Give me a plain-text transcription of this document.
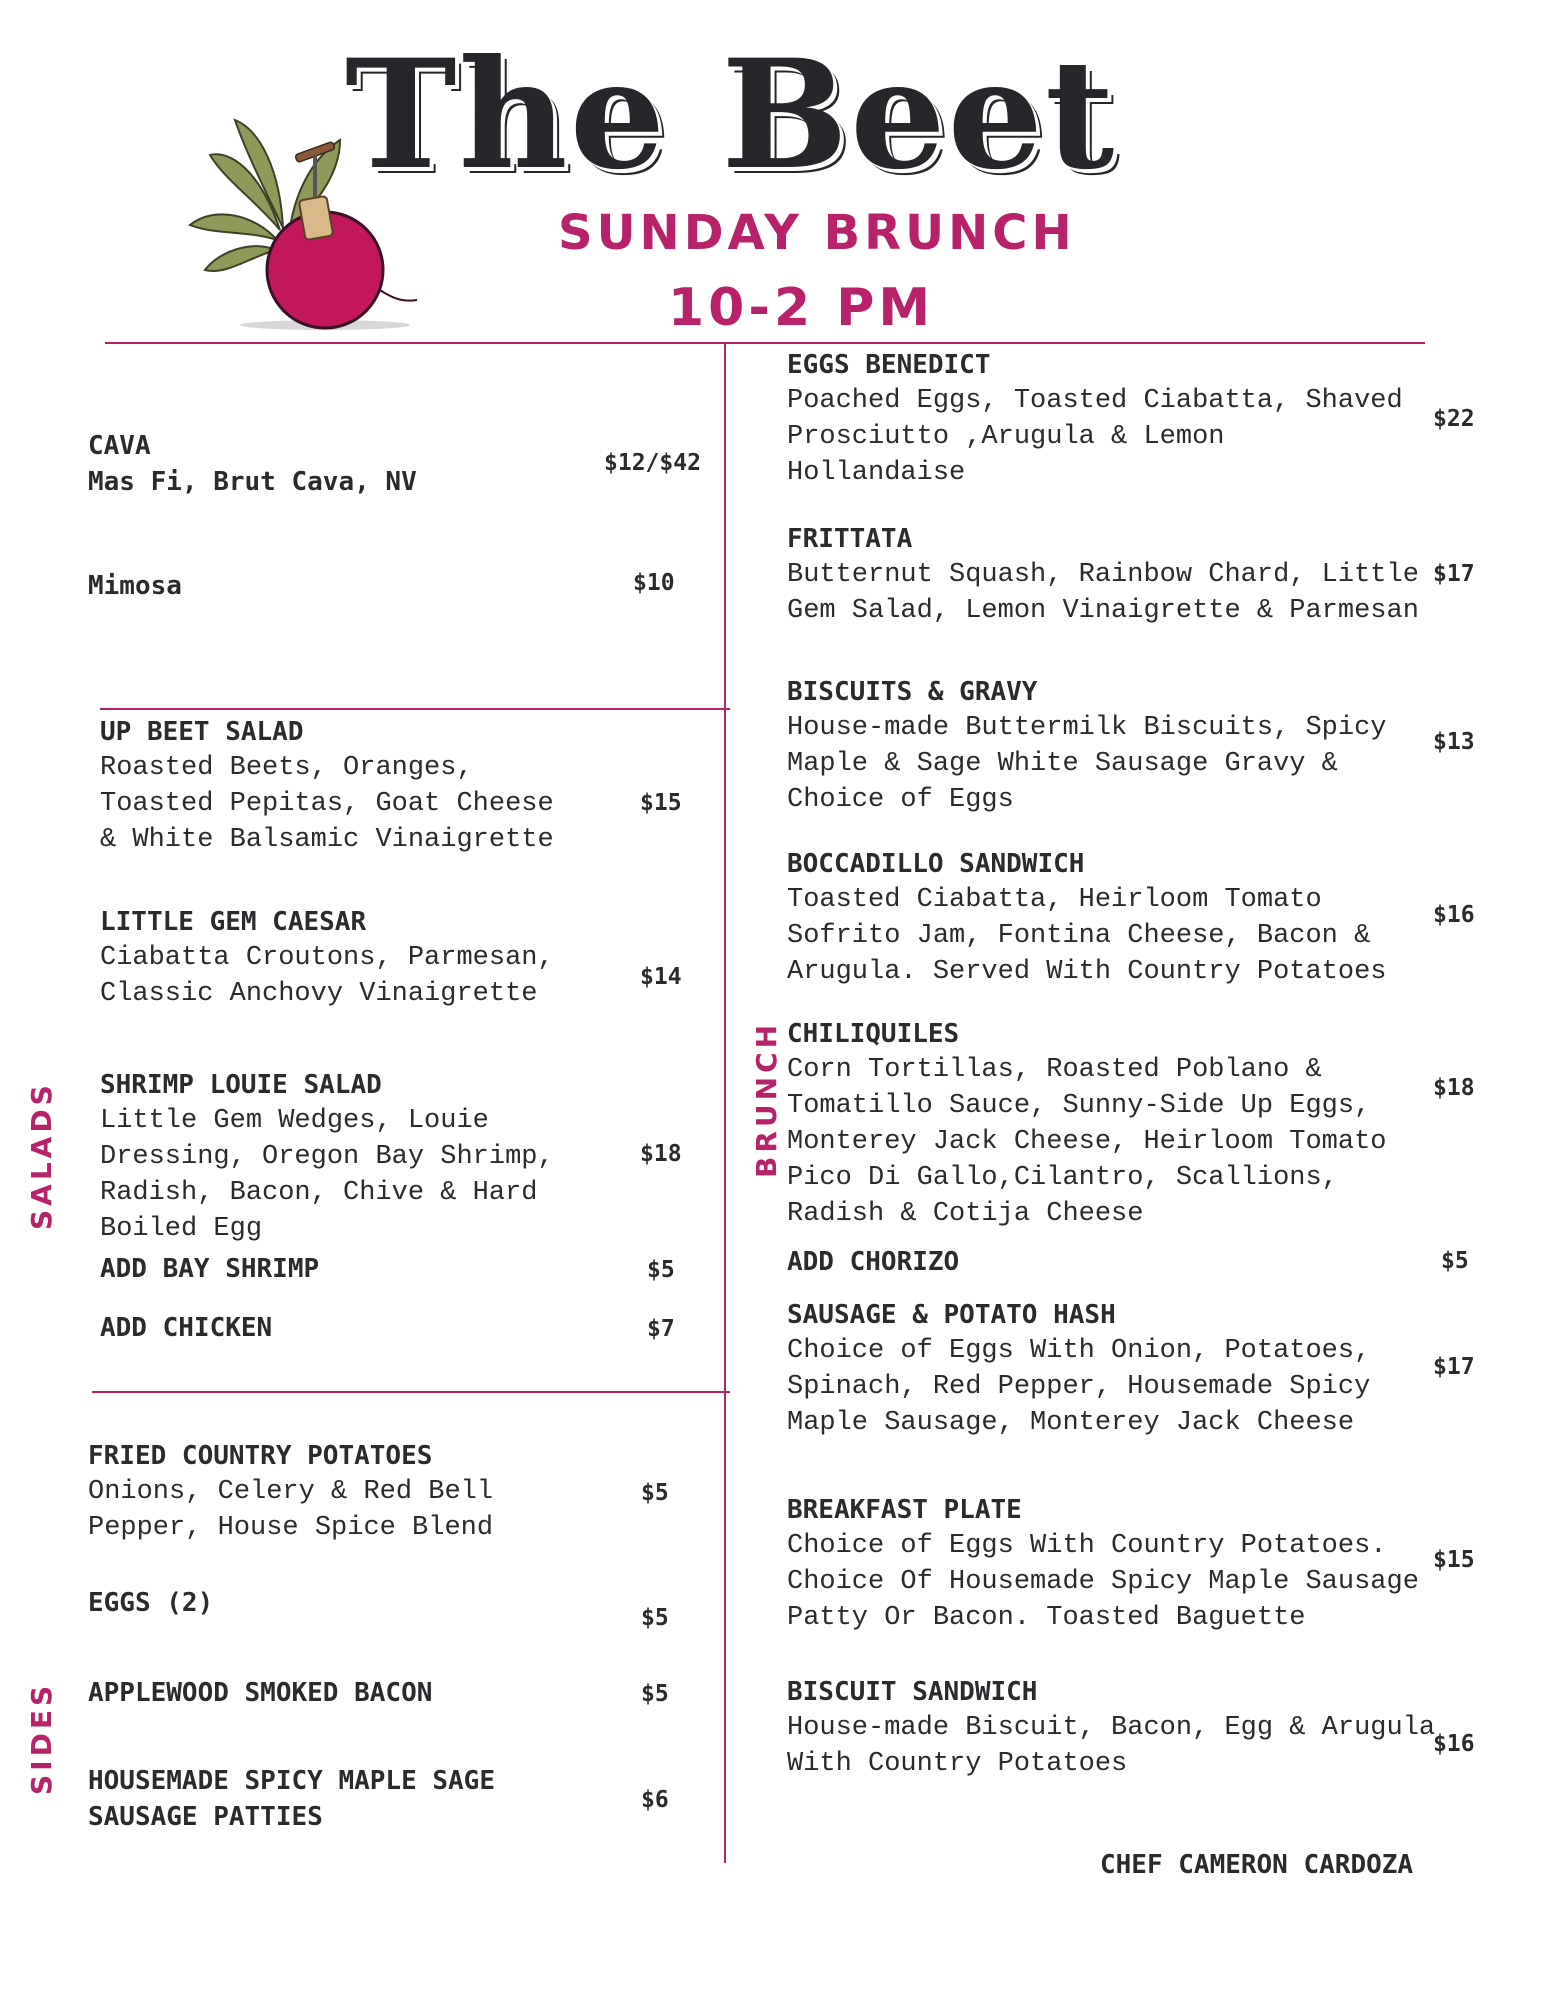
The Beet
SUNDAY BRUNCH
10-2 PM
SALADS
SIDES
BRUNCH
CAVA
Mas Fi, Brut Cava, NV
$12/$42
Mimosa	$10
UP BEET SALAD
Roasted Beets, Oranges,
Toasted Pepitas, Goat Cheese
& White Balsamic Vinaigrette
$15
LITTLE GEM CAESAR
Ciabatta Croutons, Parmesan,
Classic Anchovy Vinaigrette
$14
SHRIMP LOUIE SALAD
Little Gem Wedges, Louie
Dressing, Oregon Bay Shrimp,
Radish, Bacon, Chive & Hard
Boiled Egg
$18
ADD BAY SHRIMP	$5
ADD CHICKEN	$7
FRIED COUNTRY POTATOES
Onions, Celery & Red Bell
Pepper, House Spice Blend
$5
EGGS (2)	$5
APPLEWOOD SMOKED BACON	$5
HOUSEMADE SPICY MAPLE SAGE
SAUSAGE PATTIES
$6
EGGS BENEDICT
Poached Eggs, Toasted Ciabatta, Shaved
Prosciutto ,Arugula & Lemon
Hollandaise
$22
FRITTATA
Butternut Squash, Rainbow Chard, Little
Gem Salad, Lemon Vinaigrette & Parmesan
$17
BISCUITS & GRAVY
House-made Buttermilk Biscuits, Spicy
Maple & Sage White Sausage Gravy &
Choice of Eggs
$13
BOCCADILLO SANDWICH
Toasted Ciabatta, Heirloom Tomato
Sofrito Jam, Fontina Cheese, Bacon &
Arugula. Served With Country Potatoes
$16
CHILIQUILES
Corn Tortillas, Roasted Poblano &
Tomatillo Sauce, Sunny-Side Up Eggs,
Monterey Jack Cheese, Heirloom Tomato
Pico Di Gallo,Cilantro, Scallions,
Radish & Cotija Cheese
$18
ADD CHORIZO	$5
SAUSAGE & POTATO HASH
Choice of Eggs With Onion, Potatoes,
Spinach, Red Pepper, Housemade Spicy
Maple Sausage, Monterey Jack Cheese
$17
BREAKFAST PLATE
Choice of Eggs With Country Potatoes.
Choice Of Housemade Spicy Maple Sausage
Patty Or Bacon. Toasted Baguette
$15
BISCUIT SANDWICH
House-made Biscuit, Bacon, Egg & Arugula
With Country Potatoes
$16
CHEF CAMERON CARDOZA
